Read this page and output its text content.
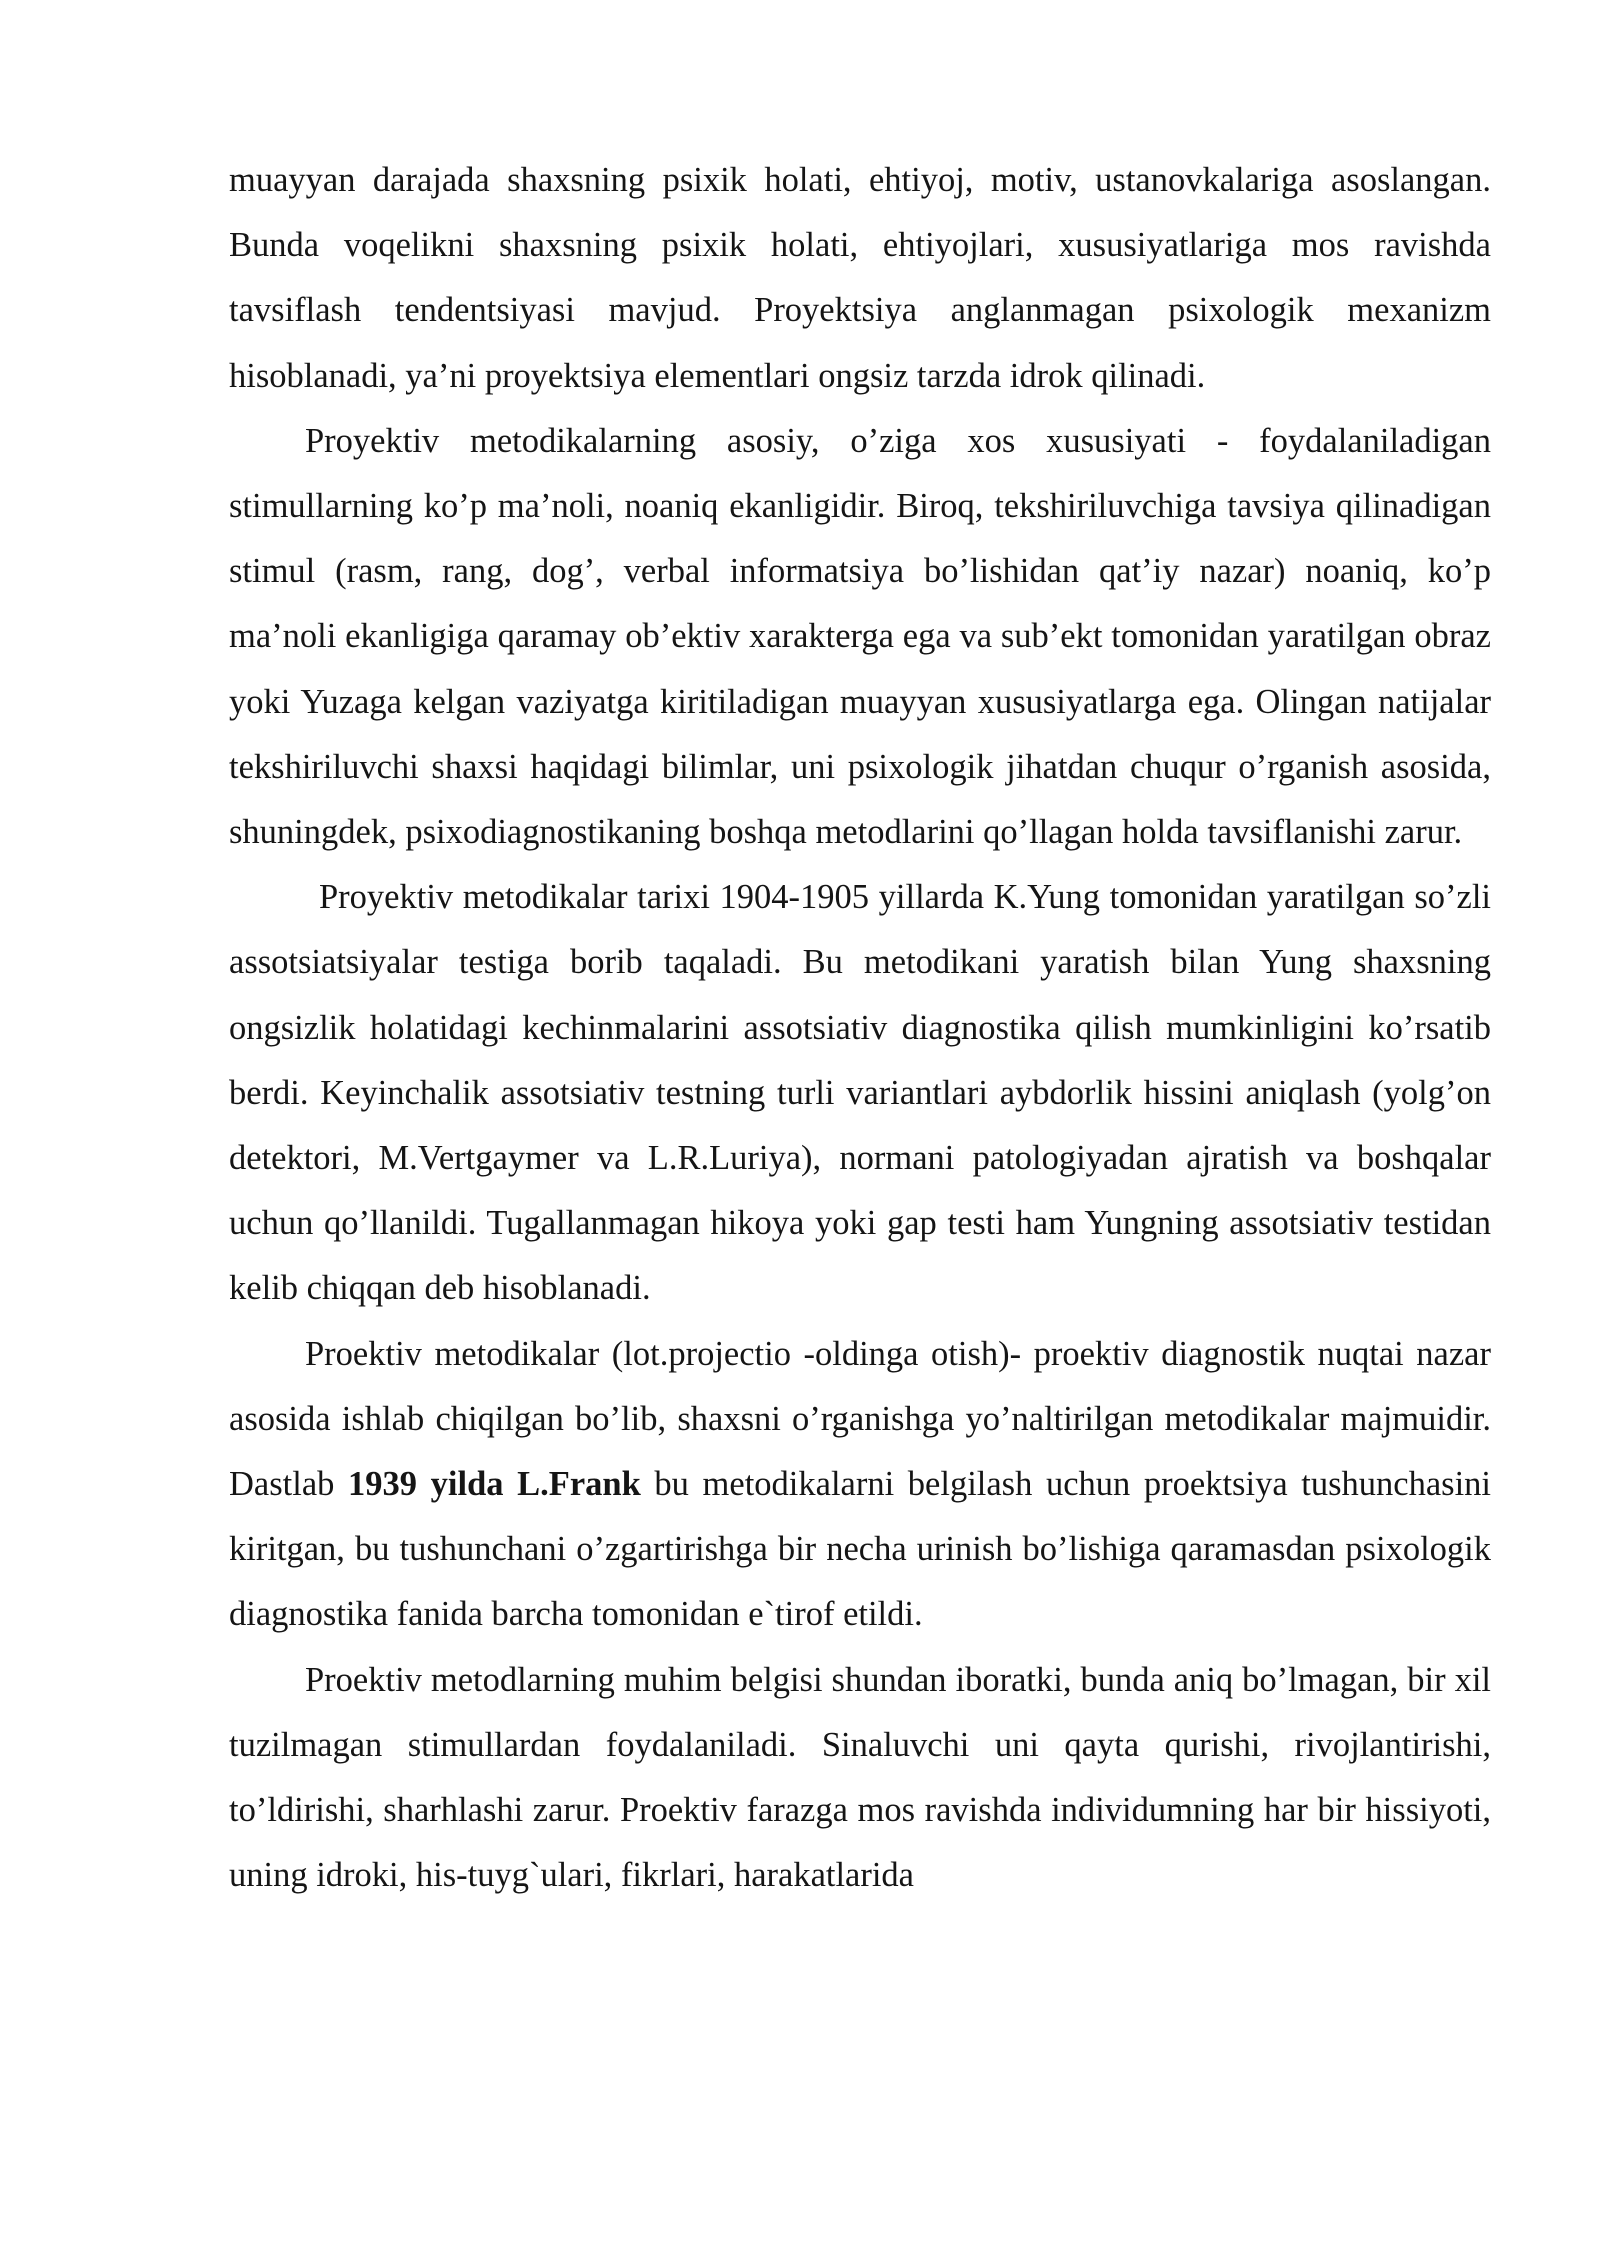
muayyan darajada shaxsning psixik holati, ehtiyoj, motiv, ustanovkalariga asoslangan. Bunda voqelikni shaxsning psixik holati, ehtiyojlari, xususiyatlariga mos ravishda tavsiflash tendentsiyasi mavjud. Proyektsiya anglanmagan psixologik mexanizm hisoblanadi, ya’ni proyektsiya elementlari ongsiz tarzda idrok qilinadi.

Proyektiv metodikalarning asosiy, o’ziga xos xususiyati - foydalaniladigan stimullarning ko’p ma’noli, noaniq ekanligidir. Biroq, tekshiriluvchiga tavsiya qilinadigan stimul (rasm, rang, dog’, verbal informatsiya bo’lishidan qat’iy nazar) noaniq, ko’p ma’noli ekanligiga qaramay ob’ektiv xarakterga ega va sub’ekt tomonidan yaratilgan obraz yoki Yuzaga kelgan vaziyatga kiritiladigan muayyan xususiyatlarga ega. Olingan natijalar tekshiriluvchi shaxsi haqidagi bilimlar, uni psixologik jihatdan chuqur o’rganish asosida, shuningdek, psixodiagnostikaning boshqa metodlarini qo’llagan holda tavsiflanishi zarur.

Proyektiv metodikalar tarixi 1904-1905 yillarda K.Yung tomonidan yaratilgan so’zli assotsiatsiyalar testiga borib taqaladi. Bu metodikani yaratish bilan Yung shaxsning ongsizlik holatidagi kechinmalarini assotsiativ diagnostika qilish mumkinligini ko’rsatib berdi. Keyinchalik assotsiativ testning turli variantlari aybdorlik hissini aniqlash (yolg’on detektori, M.Vertgaymer va L.R.Luriya), normani patologiyadan ajratish va boshqalar uchun qo’llanildi. Tugallanmagan hikoya yoki gap testi ham Yungning assotsiativ testidan kelib chiqqan deb hisoblanadi.

Proektiv metodikalar (lot.projectio -oldinga otish)- proektiv diagnostik nuqtai nazar asosida ishlab chiqilgan bo’lib, shaxsni o’rganishga yo’naltirilgan metodikalar majmuidir. Dastlab 1939 yilda L.Frank bu metodikalarni belgilash uchun proektsiya tushunchasini kiritgan, bu tushunchani o’zgartirishga bir necha urinish bo’lishiga qaramasdan psixologik diagnostika fanida barcha tomonidan e`tirof etildi.

Proektiv metodlarning muhim belgisi shundan iboratki, bunda aniq bo’lmagan, bir xil tuzilmagan stimullardan foydalaniladi. Sinaluvchi uni qayta qurishi, rivojlantirishi, to’ldirishi, sharhlashi zarur. Proektiv farazga mos ravishda individumning har bir hissiyoti, uning idroki, his-tuyg`ulari, fikrlari, harakatlarida
